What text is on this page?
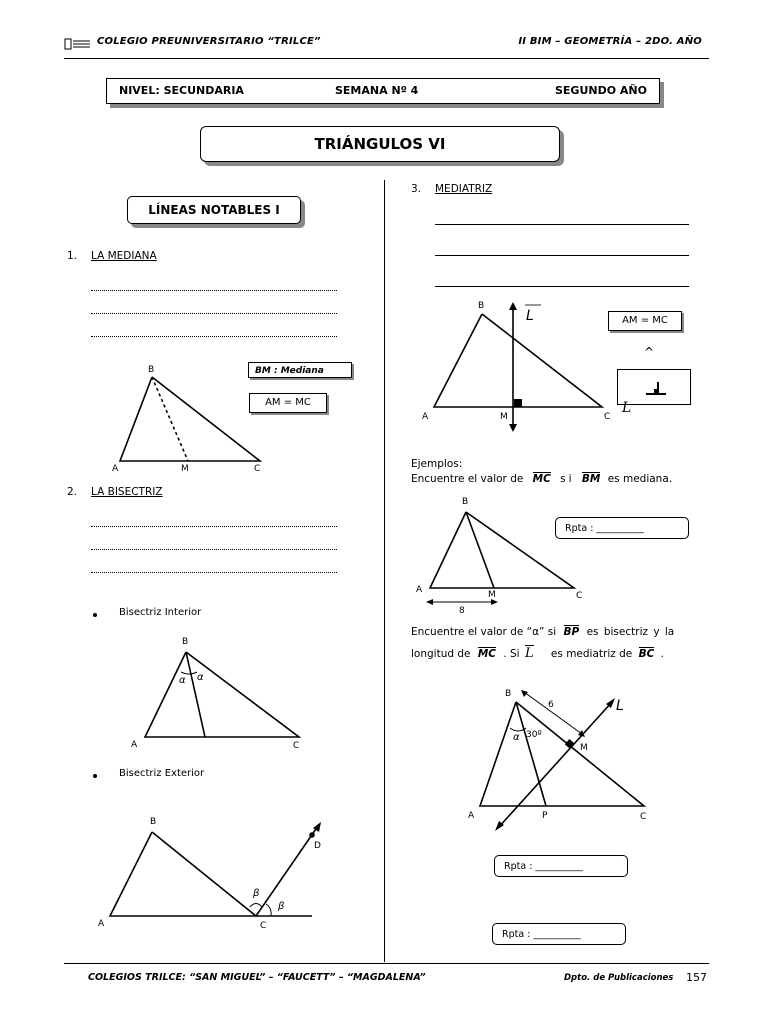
COLEGIO PREUNIVERSITARIO “TRILCE”	II BIM – GEOMETRÍA – 2DO. AÑO
NIVEL: SECUNDARIA	SEMANA Nº 4	SEGUNDO AÑO
TRIÁNGULOS VI
LÍNEAS NOTABLES I
1. LA MEDIANA
BM : Mediana
AM = MC
B
A	M	C
2. LA BISECTRIZ
Bisectriz Interior
B
A	C
α α
Bisectriz Exterior
B
A	C
D
β
β
3. MEDIATRIZ
B
A	M	C
L	AM = MC
^
L
Ejemplos:
Encuentre el valor de MC si BM es mediana.
B
A	M	C
8
Rpta : __________
Encuentre el valor de “α” si BP es bisectriz y la
longitud de MC . Si L es mediatriz de BC .
B
A	P	C
M
6
α 30º
L
Rpta : __________
Rpta : __________
COLEGIOS TRILCE: “SAN MIGUEL” – “FAUCETT” – “MAGDALENA”	Dpto. de Publicaciones 157
